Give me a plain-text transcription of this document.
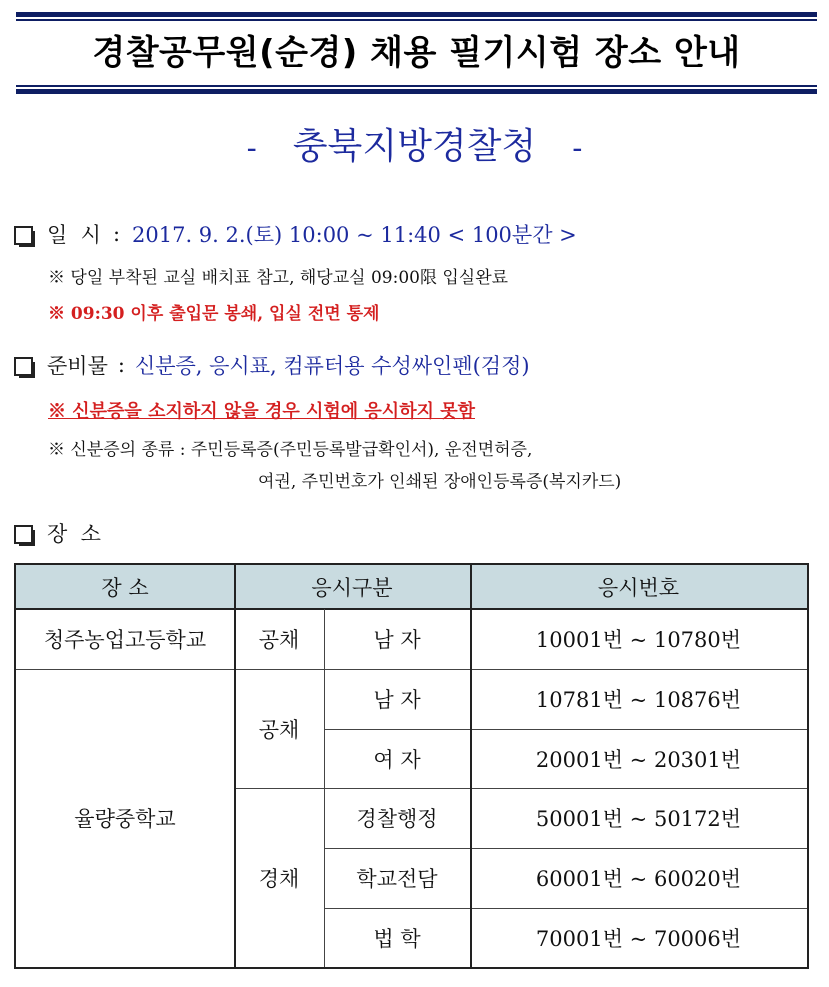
경찰공무원(순경) 채용 필기시험 장소 안내
- 충북지방경찰청 -
일  시 : 2017. 9. 2.(토) 10:00 ~ 11:40 < 100분간 >
※ 당일 부착된 교실 배치표 참고, 해당교실 09:00限 입실완료
※ 09:30 이후 출입문 봉쇄, 입실 전면 통제
준비물 : 신분증, 응시표, 컴퓨터용 수성싸인펜(검정)
※ 신분증을 소지하지 않을 경우 시험에 응시하지 못함
※ 신분증의 종류 : 주민등록증(주민등록발급확인서), 운전면허증,
여권, 주민번호가 인쇄된 장애인등록증(복지카드)
장  소
장 소	응시구분	응시번호
청주농업고등학교
율량중학교
공채
공채
경채
남 자
남 자
여 자
경찰행정
학교전담
법 학
10001번 ~ 10780번
10781번 ~ 10876번
20001번 ~ 20301번
50001번 ~ 50172번
60001번 ~ 60020번
70001번 ~ 70006번
